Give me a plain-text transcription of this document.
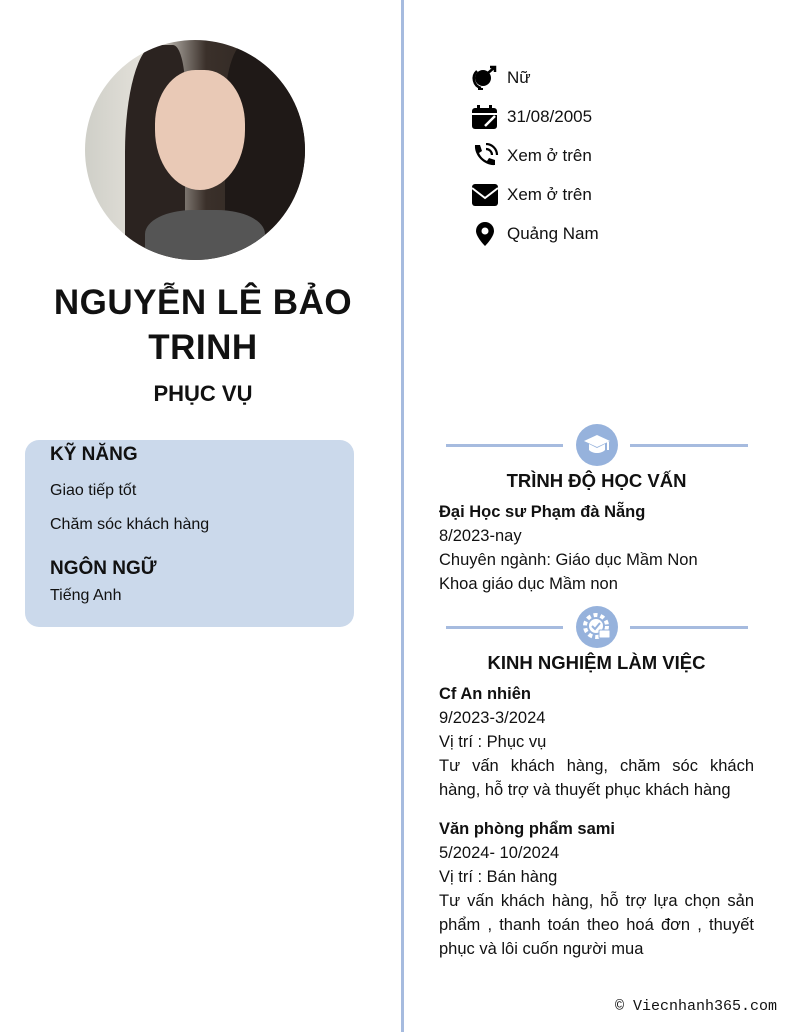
NGUYỄN LÊ BẢO TRINH
PHỤC VỤ
KỸ NĂNG
Giao tiếp tốt
Chăm sóc khách hàng
NGÔN NGỮ
Tiếng Anh
Nữ
31/08/2005
Xem ở trên
Xem ở trên
Quảng Nam
TRÌNH ĐỘ HỌC VẤN
Đại Học sư Phạm đà Nẵng
8/2023-nay
Chuyên ngành: Giáo dục Mầm Non
Khoa giáo dục Mầm non
KINH NGHIỆM LÀM VIỆC
Cf An nhiên
9/2023-3/2024
Vị trí : Phục vụ

Tư vấn khách hàng, chăm sóc khách hàng, hỗ trợ và thuyết phục khách hàng

Văn phòng phẩm sami
5/2024- 10/2024
Vị trí : Bán hàng

Tư vấn khách hàng, hỗ trợ lựa chọn sản phẩm , thanh toán theo hoá đơn , thuyết phục và lôi cuốn người mua

© Viecnhanh365.com
